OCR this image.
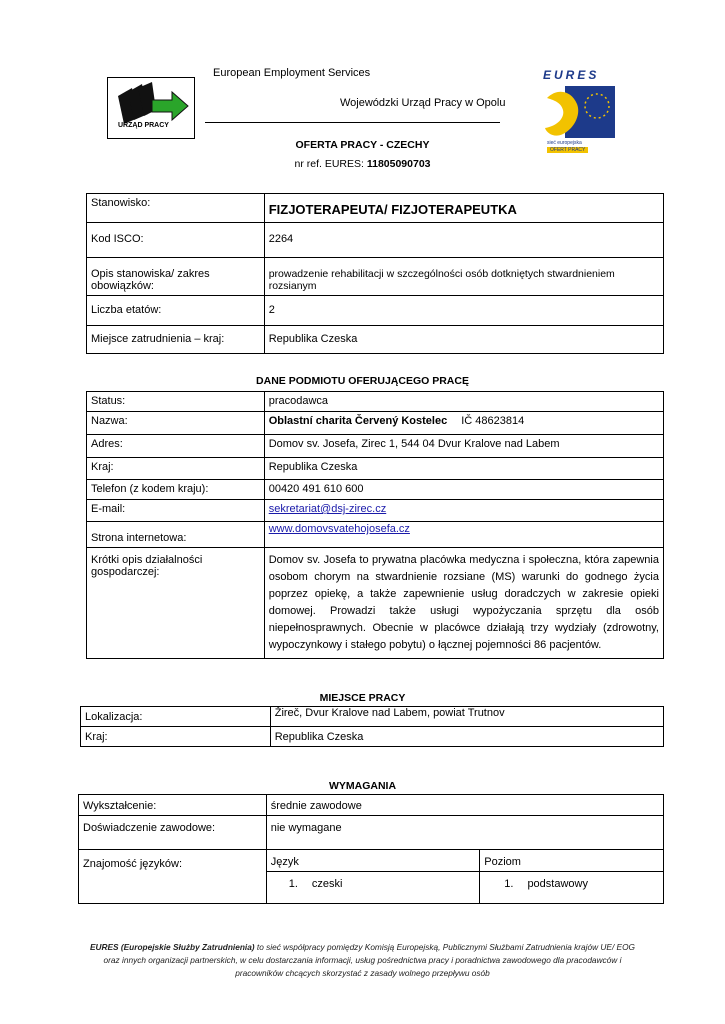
European Employment Services
Wojewódzki Urząd Pracy w Opolu
URZĄD PRACY
EURES
sieć europejska
OFERT PRACY
OFERTA PRACY - CZECHY
nr ref. EURES: 11805090703
Stanowisko:	FIZJOTERAPEUTA/ FIZJOTERAPEUTKA
Kod ISCO:	2264
Opis stanowiska/ zakres obowiązków:	prowadzenie rehabilitacji w szczególności osób dotkniętych stwardnieniem rozsianym
Liczba etatów:	2
Miejsce zatrudnienia – kraj:	Republika Czeska
DANE PODMIOTU OFERUJĄCEGO PRACĘ
Status:	pracodawca
Nazwa:	Oblastní charita Červený Kostelec IČ 48623814
Adres:	Domov sv. Josefa, Zirec 1, 544 04 Dvur Kralove nad Labem
Kraj:	Republika Czeska
Telefon (z kodem kraju):	00420 491 610 600
E-mail:	sekretariat@dsj-zirec.cz
Strona internetowa:	www.domovsvatehojosefa.cz
Krótki opis działalności gospodarczej:	Domov sv. Josefa to prywatna placówka medyczna i społeczna, która zapewnia osobom chorym na stwardnienie rozsiane (MS) warunki do godnego życia poprzez opiekę, a także zapewnienie usług doradczych w zakresie opieki domowej. Prowadzi także usługi wypożyczania sprzętu dla osób niepełnosprawnych. Obecnie w placówce działają trzy wydziały (zdrowotny, wypoczynkowy i stałego pobytu) o łącznej pojemności 86 pacjentów.
MIEJSCE PRACY
Lokalizacja:	Žireč, Dvur Kralove nad Labem, powiat Trutnov
Kraj:	Republika Czeska
WYMAGANIA
Wykształcenie:	średnie zawodowe	
Doświadczenie zawodowe:	nie wymagane	
Znajomość języków:	Język	Poziom
	1. czeski	1. podstawowy
EURES (Europejskie Służby Zatrudnienia) to sieć współpracy pomiędzy Komisją Europejską, Publicznymi Służbami Zatrudnienia krajów UE/ EOG
oraz innych organizacji partnerskich, w celu dostarczania informacji, usług pośrednictwa pracy i poradnictwa zawodowego dla pracodawców i
pracowników chcących skorzystać z zasady wolnego przepływu osób
